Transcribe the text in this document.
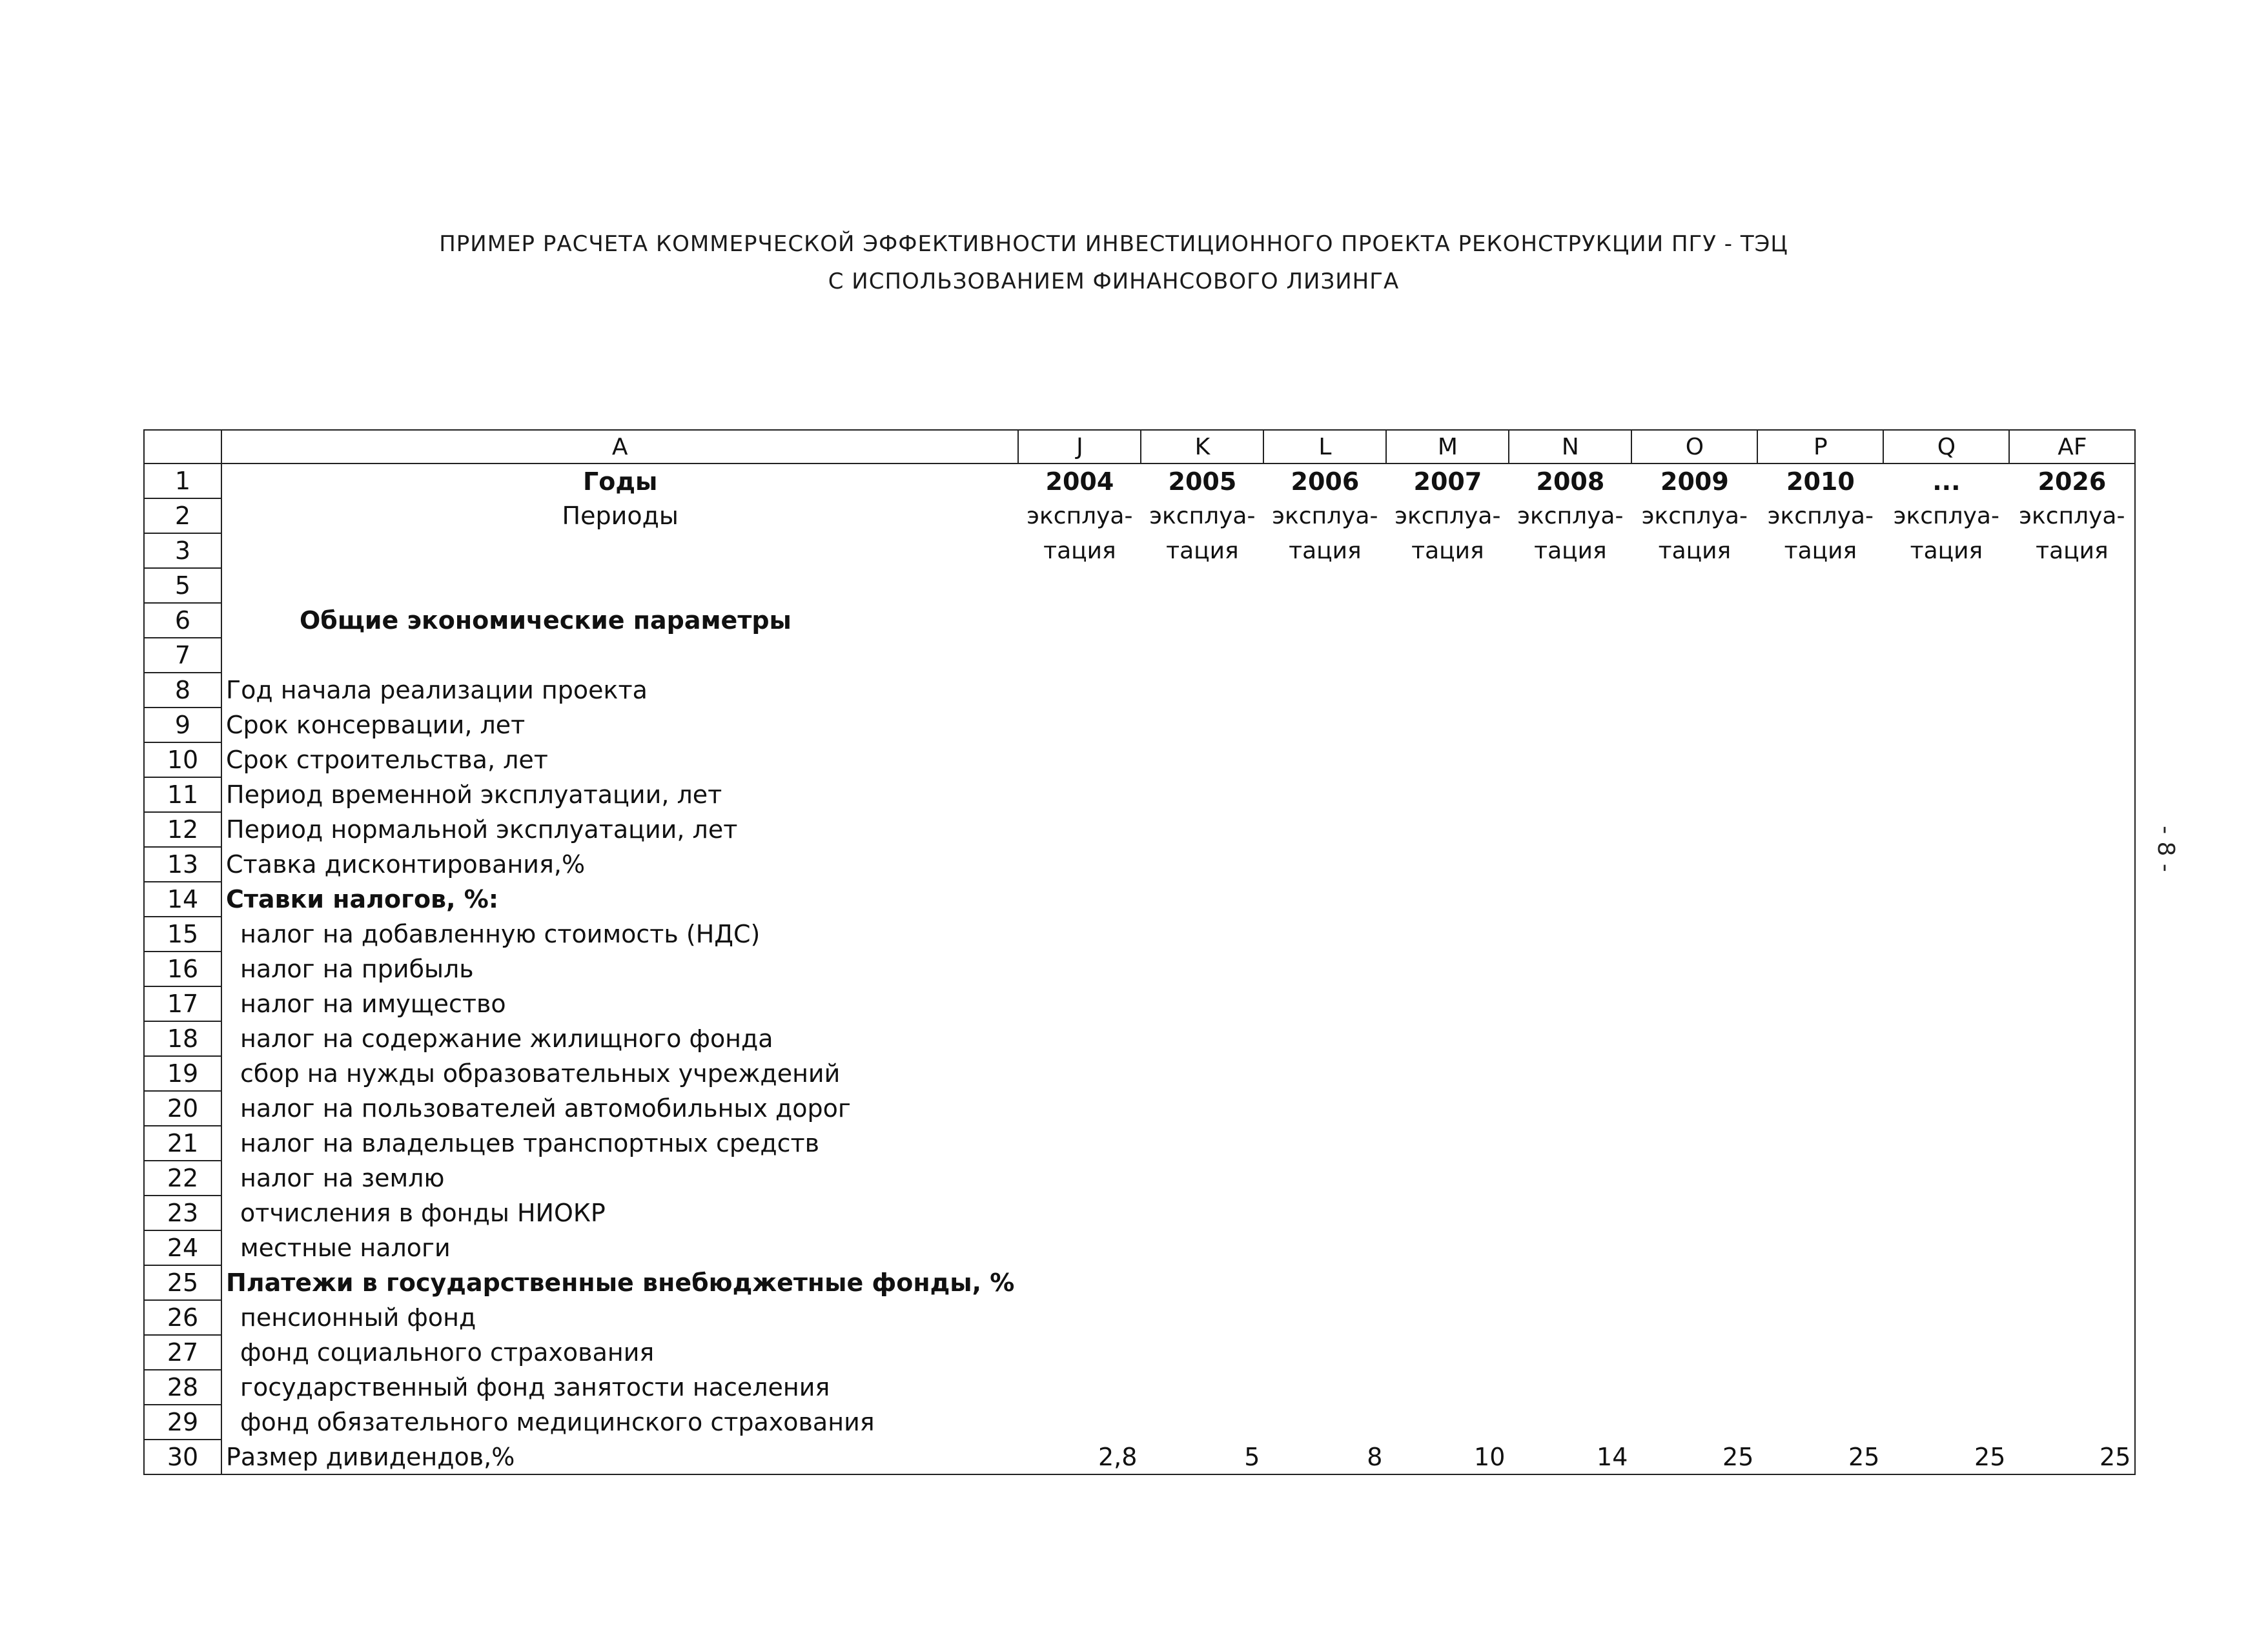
ПРИМЕР РАСЧЕТА КОММЕРЧЕСКОЙ ЭФФЕКТИВНОСТИ ИНВЕСТИЦИОННОГО ПРОЕКТА РЕКОНСТРУКЦИИ ПГУ - ТЭЦ
С ИСПОЛЬЗОВАНИЕМ ФИНАНСОВОГО ЛИЗИНГА
- 8 -
	A	J	K	L	M	N	O	P	Q	AF
1	Годы	2004	2005	2006	2007	2008	2009	2010	...	2026
2	Периоды	эксплуа-	эксплуа-	эксплуа-	эксплуа-	эксплуа-	эксплуа-	эксплуа-	эксплуа-	эксплуа-
3		тация	тация	тация	тация	тация	тация	тация	тация	тация
5										
6	Общие экономические параметры									
7										
8	Год начала реализации проекта									
9	Срок консервации, лет									
10	Срок строительства, лет									
11	Период временной эксплуатации, лет									
12	Период нормальной эксплуатации, лет									
13	Ставка дисконтирования,%									
14	Ставки налогов, %:									
15	налог на добавленную стоимость (НДС)									
16	налог на прибыль									
17	налог на имущество									
18	налог на содержание жилищного фонда									
19	сбор на нужды образовательных учреждений									
20	налог на пользователей автомобильных дорог									
21	налог на владельцев транспортных средств									
22	налог на землю									
23	отчисления в фонды НИОКР									
24	местные налоги									
25	Платежи в государственные внебюджетные фонды, %									
26	пенсионный фонд									
27	фонд социального страхования									
28	государственный фонд занятости населения									
29	фонд обязательного медицинского страхования									
30	Размер дивидендов,%	2,8	5	8	10	14	25	25	25	25
